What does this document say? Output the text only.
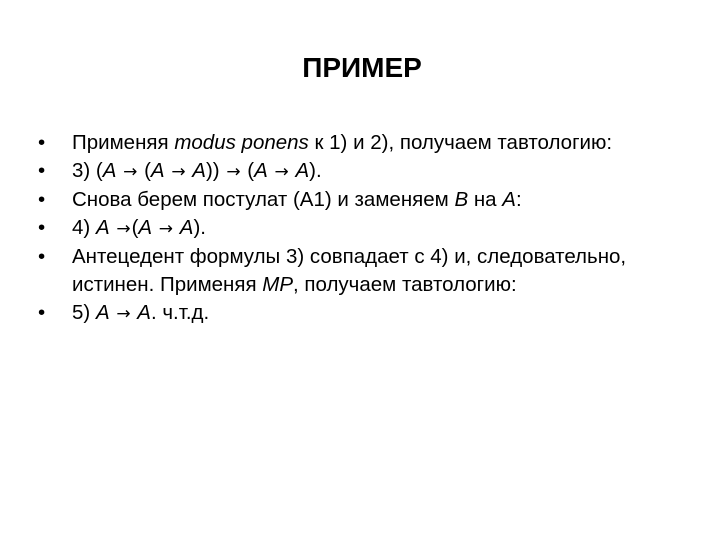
ПРИМЕР
• Применяя modus ponens к 1) и 2), получаем тавтологию:
• 3) (A → (A → A)) → (A → A).
• Снова берем постулат (A1) и заменяем B на A:
• 4) A →(A → A).
• Антецедент формулы 3) совпадает с 4) и, следовательно, истинен. Применяя MP, получаем тавтологию:
• 5) A → A. ч.т.д.
